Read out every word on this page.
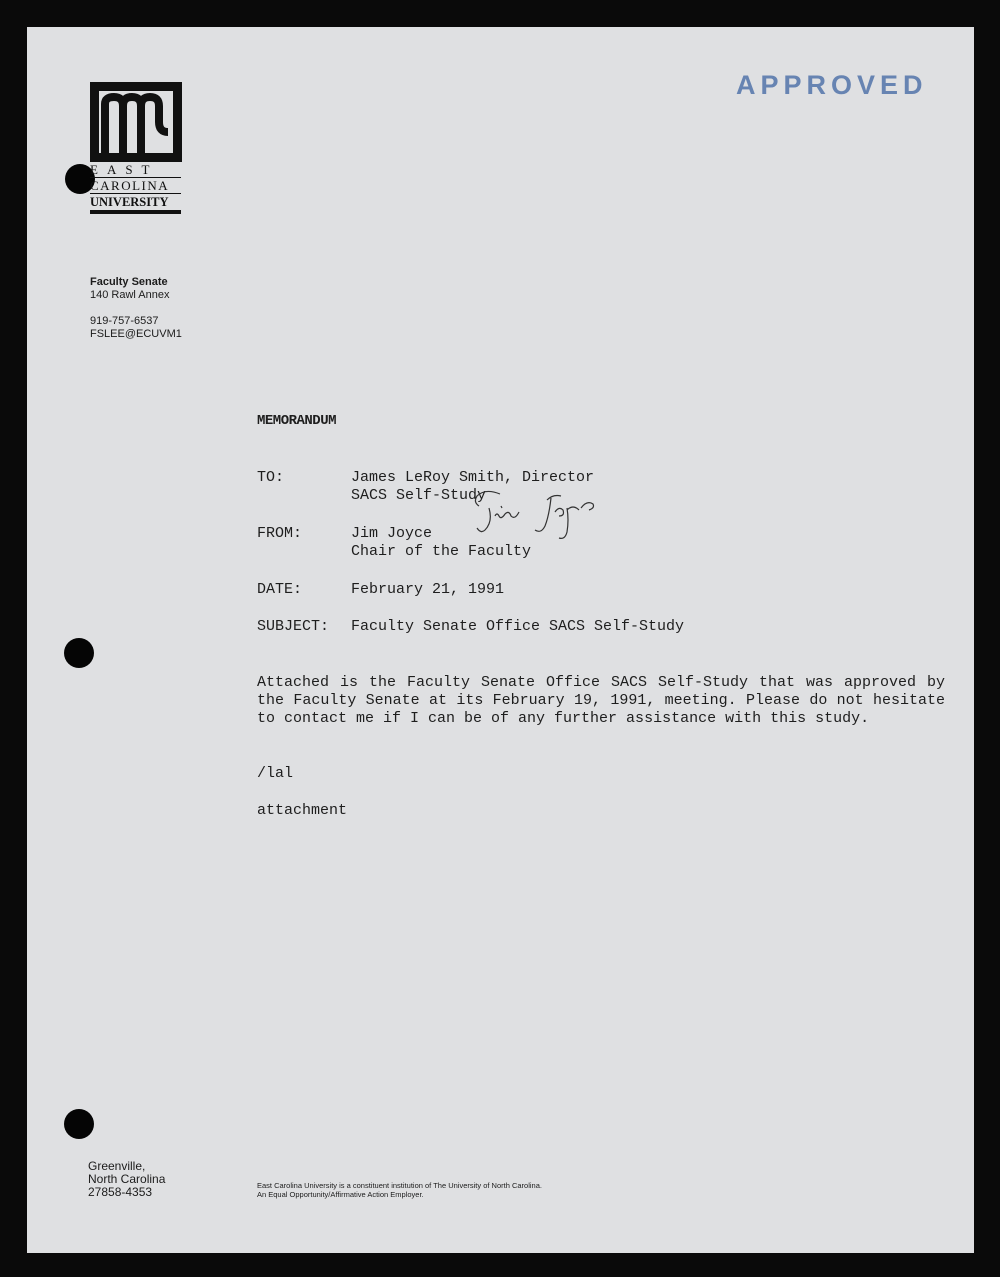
APPROVED
EAST
CAROLINA
UNIVERSITY
Faculty Senate
140 Rawl Annex
919-757-6537
FSLEE@ECUVM1
MEMORANDUM
TO:	James LeRoy Smith, Director
SACS Self-Study
FROM:	Jim Joyce
Chair of the Faculty
DATE:	February 21, 1991
SUBJECT: Faculty Senate Office SACS Self-Study
Attached is the Faculty Senate Office SACS Self-Study that was approved by the Faculty Senate at its February 19, 1991, meeting. Please do not hesitate to contact me if I can be of any further assistance with this study.
/lal
attachment
Greenville,
North Carolina
27858-4353	East Carolina University is a constituent institution of The University of North Carolina.
An Equal Opportunity/Affirmative Action Employer.
